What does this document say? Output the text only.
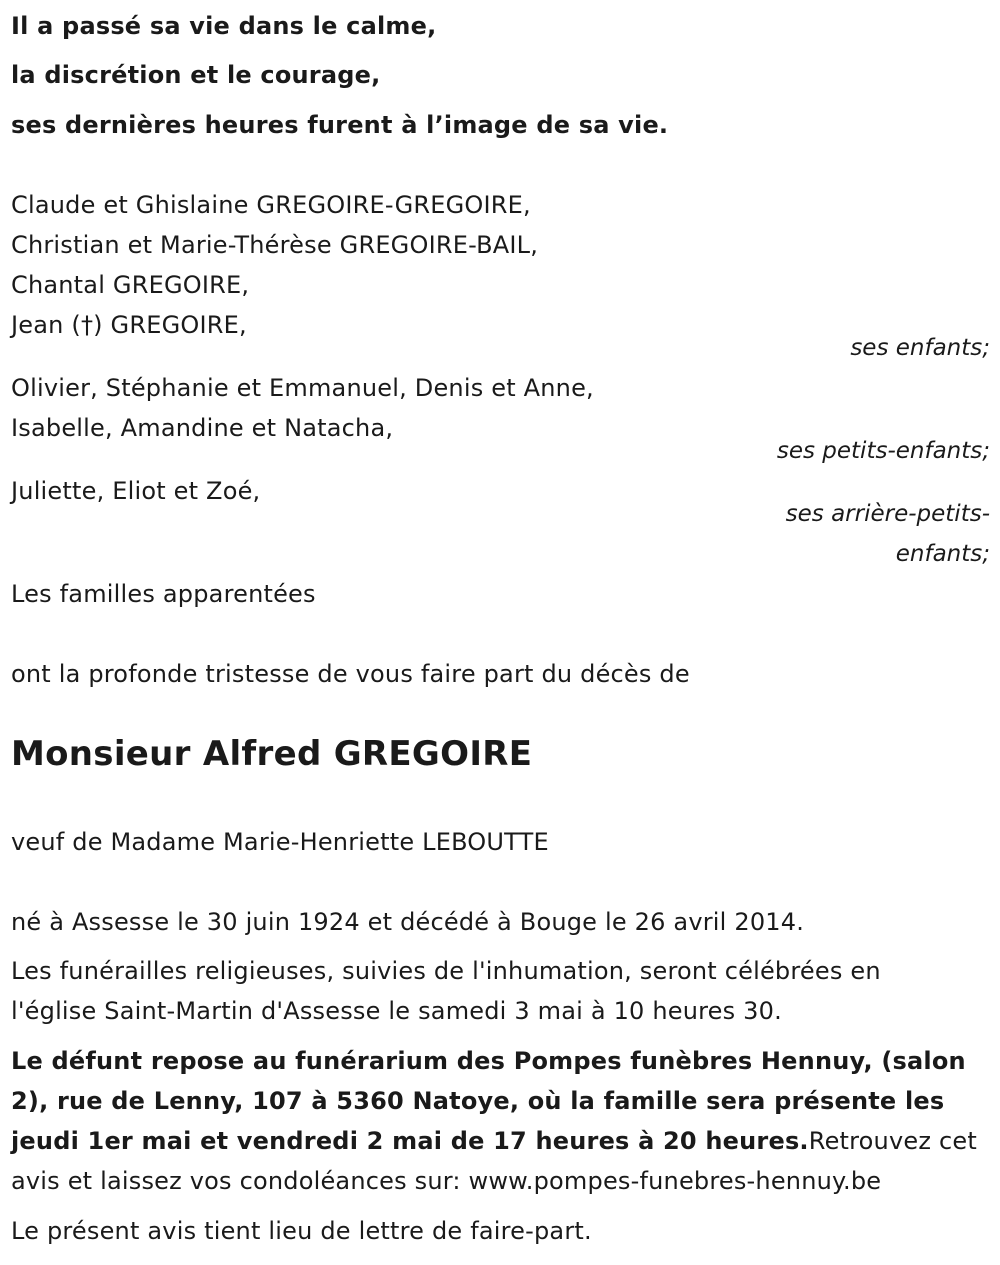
Il a passé sa vie dans le calme,
la discrétion et le courage,
ses dernières heures furent à l’image de sa vie.
Claude et Ghislaine GREGOIRE-GREGOIRE,
Christian et Marie-Thérèse GREGOIRE-BAIL,
Chantal GREGOIRE,
Jean (†) GREGOIRE,
ses enfants;
Olivier, Stéphanie et Emmanuel, Denis et Anne,
Isabelle, Amandine et Natacha,
ses petits-enfants;
Juliette, Eliot et Zoé,
ses arrière-petits-
enfants;
Les familles apparentées
ont la profonde tristesse de vous faire part du décès de
Monsieur Alfred GREGOIRE
veuf de Madame Marie-Henriette LEBOUTTE
né à Assesse le 30 juin 1924 et décédé à Bouge le 26 avril 2014.
Les funérailles religieuses, suivies de l'inhumation, seront célébrées en
l'église Saint-Martin d'Assesse le samedi 3 mai à 10 heures 30.
Le défunt repose au funérarium des Pompes funèbres Hennuy, (salon 2), rue de Lenny, 107 à 5360 Natoye, où la famille sera présente les jeudi 1er mai et vendredi 2 mai de 17 heures à 20 heures.Retrouvez cet avis et laissez vos condoléances sur: www.pompes-funebres-hennuy.be
Le présent avis tient lieu de lettre de faire-part.
